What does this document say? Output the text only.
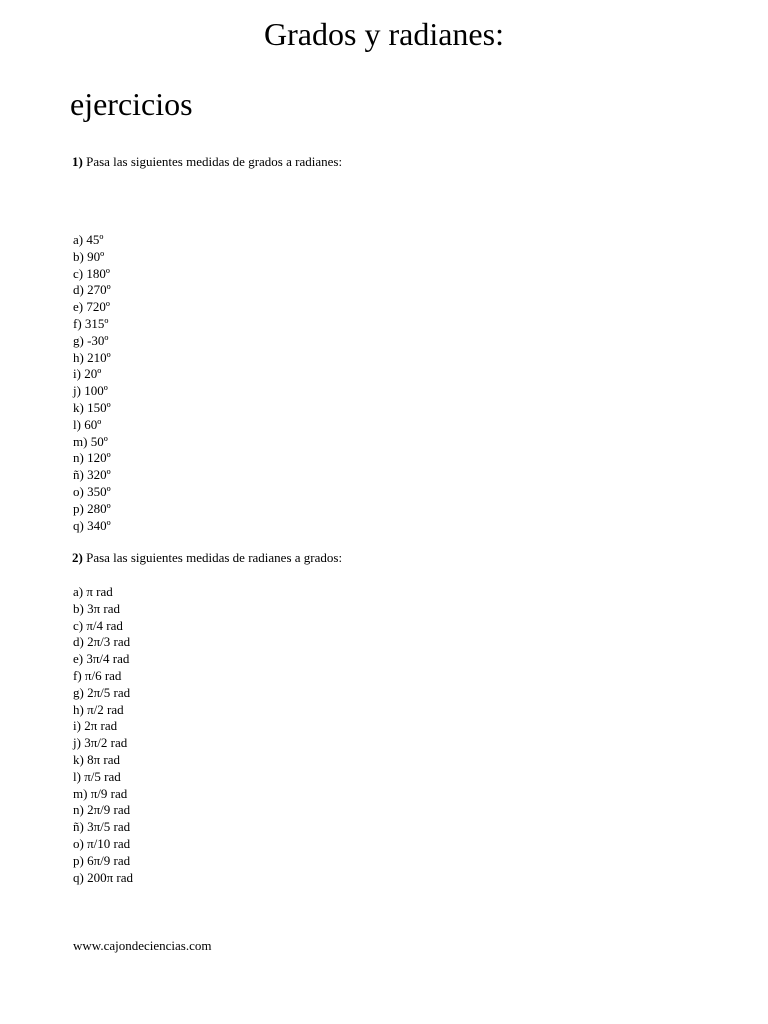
Grados y radianes:
ejercicios
1) Pasa las siguientes medidas de grados a radianes:
a) 45º
b) 90º
c) 180º
d) 270º
e) 720º
f) 315º
g) -30º
h) 210º
i) 20º
j) 100º
k) 150º
l) 60º
m) 50º
n) 120º
ñ) 320º
o) 350º
p) 280º
q) 340º
2) Pasa las siguientes medidas de radianes a grados:
a) π rad
b) 3π rad
c) π/4 rad
d) 2π/3 rad
e) 3π/4 rad
f) π/6 rad
g) 2π/5 rad
h) π/2 rad
i) 2π rad
j) 3π/2 rad
k) 8π rad
l) π/5 rad
m) π/9 rad
n) 2π/9 rad
ñ) 3π/5 rad
o) π/10 rad
p) 6π/9 rad
q) 200π rad
www.cajondeciencias.com
